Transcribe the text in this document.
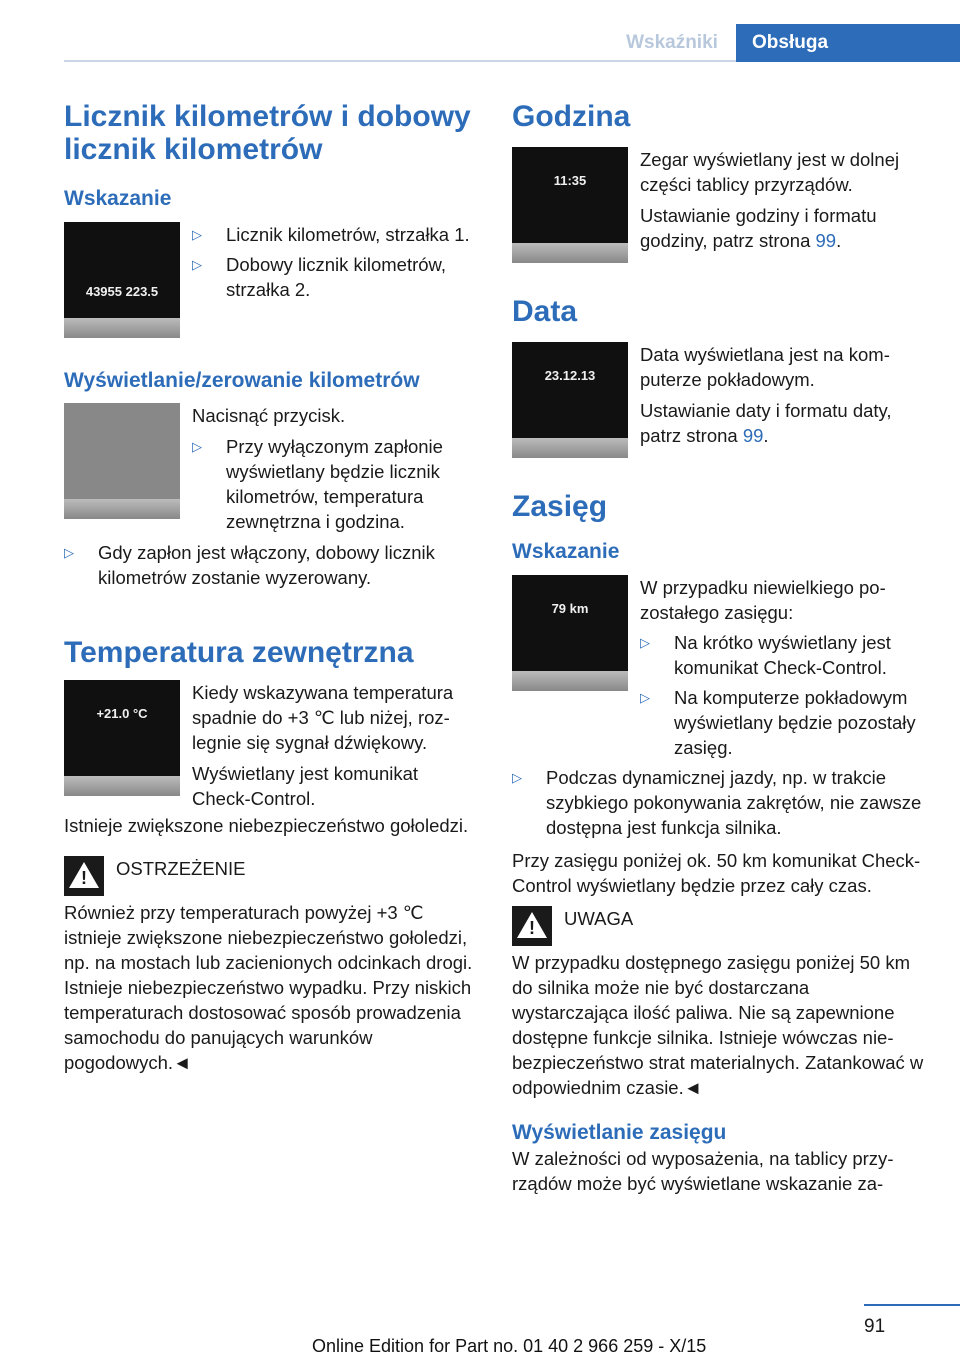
Wskaźniki	Obsługa
Licznik kilometrów i dobowy licznik kilometrów
Wskazanie
43955 223.5
▷ Licznik kilometrów, strzałka 1.
▷ Dobowy licznik kilometrów, strzałka 2.
Wyświetlanie/zerowanie kilometrów

Nacisnąć przycisk.

▷ Przy wyłączonym zapłonie wyświetlany będzie licznik kilometrów, temperatura zewnętrzna i godzina.
▷ Gdy zapłon jest włączony, dobowy licznik kilometrów zostanie wyzerowany.
Temperatura zewnętrzna
+21.0 °C

Kiedy wskazywana temperatura spadnie do +3 ℃ lub niżej, rozlegnie się sygnał dźwiękowy.

Wyświetlany jest komunikat Check-Control.

Istnieje zwiększone niebezpieczeństwo gołoledzi.

!

OSTRZEŻENIE

Również przy temperaturach powyżej +3 ℃ istnieje zwiększone niebezpieczeństwo gołoledzi, np. na mostach lub zacienionych odcinkach drogi. Istnieje niebezpieczeństwo wypadku. Przy niskich temperaturach dostosować sposób prowadzenia samochodu do panujących warunków pogodowych.◄

Godzina
11:35

Zegar wyświetlany jest w dolnej części tablicy przyrządów.

Ustawianie godziny i formatu godziny, patrz strona 99.

Data
23.12.13

Data wyświetlana jest na komputerze pokładowym.

Ustawianie daty i formatu daty, patrz strona 99.

Zasięg
Wskazanie
79 km

W przypadku niewielkiego pozostałego zasięgu:

▷ Na krótko wyświetlany jest komunikat Check-Control.
▷ Na komputerze pokładowym wyświetlany będzie pozostały zasięg.
▷ Podczas dynamicznej jazdy, np. w trakcie szybkiego pokonywania zakrętów, nie zawsze dostępna jest funkcja silnika.

Przy zasięgu poniżej ok. 50 km komunikat Check-Control wyświetlany będzie przez cały czas.

!

UWAGA

W przypadku dostępnego zasięgu poniżej 50 km do silnika może nie być dostarczana wystarczająca ilość paliwa. Nie są zapewnione dostępne funkcje silnika. Istnieje wówczas niebezpieczeństwo strat materialnych. Zatankować w odpowiednim czasie.◄

Wyświetlanie zasięgu

W zależności od wyposażenia, na tablicy przyrządów może być wyświetlane wskazanie za-

91
Online Edition for Part no. 01 40 2 966 259 - X/15
